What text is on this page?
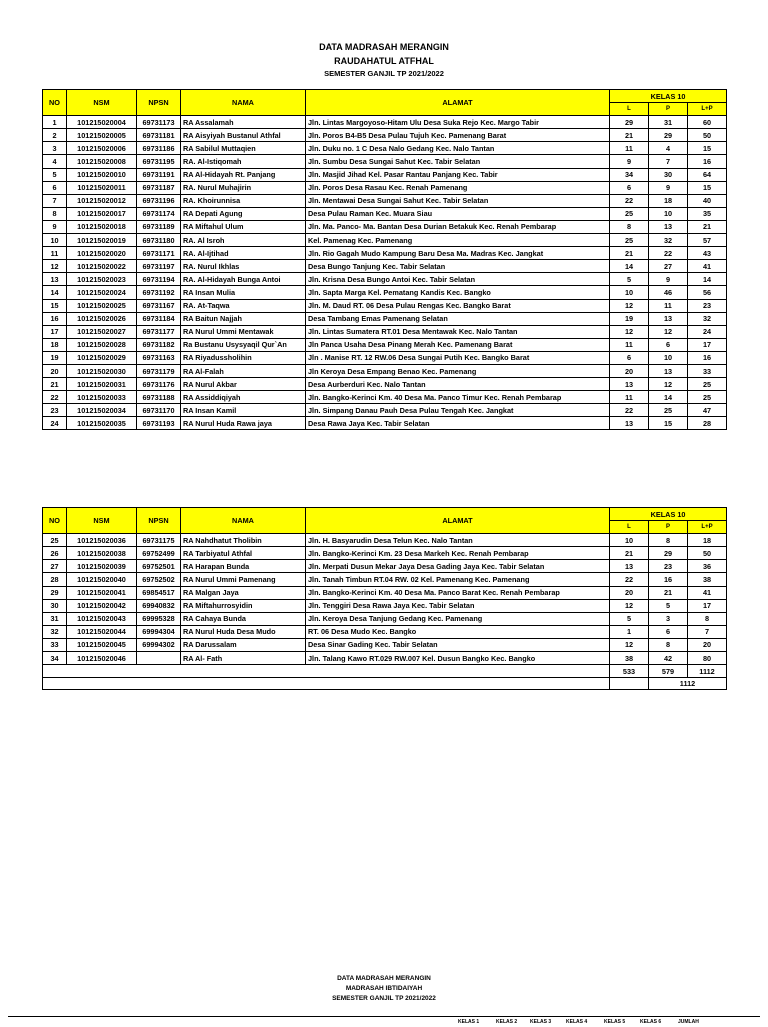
DATA MADRASAH MERANGIN
RAUDAHATUL ATFHAL
SEMESTER GANJIL TP 2021/2022
NO	NSM	NPSN	NAMA	ALAMAT	KELAS 10		
					L	P	L+P
1	101215020004	69731173	RA Assalamah	Jln. Lintas Margoyoso-Hitam Ulu Desa Suka Rejo Kec. Margo Tabir	29	31	60
2	101215020005	69731181	RA Aisyiyah Bustanul Athfal	Jln. Poros B4-B5 Desa Pulau Tujuh Kec. Pamenang Barat	21	29	50
3	101215020006	69731186	RA Sabilul Muttaqien	Jln. Duku no. 1 C Desa Nalo Gedang Kec. Nalo Tantan	11	4	15
4	101215020008	69731195	RA. Al-Istiqomah	Jln. Sumbu Desa Sungai Sahut Kec. Tabir Selatan	9	7	16
5	101215020010	69731191	RA Al-Hidayah Rt. Panjang	Jln. Masjid Jihad Kel. Pasar Rantau Panjang Kec. Tabir	34	30	64
6	101215020011	69731187	RA. Nurul Muhajirin	Jln. Poros Desa Rasau Kec. Renah Pamenang	6	9	15
7	101215020012	69731196	RA. Khoirunnisa	Jln. Mentawai Desa Sungai Sahut Kec. Tabir Selatan	22	18	40
8	101215020017	69731174	RA Depati Agung	Desa Pulau Raman Kec. Muara Siau	25	10	35
9	101215020018	69731189	RA Miftahul Ulum	Jln. Ma. Panco- Ma. Bantan Desa Durian Betakuk Kec. Renah Pembarap	8	13	21
10	101215020019	69731180	RA. Al Isroh	Kel. Pamenag Kec. Pamenang	25	32	57
11	101215020020	69731171	RA. Al-Ijtihad	Jln. Rio Gagah Mudo Kampung Baru Desa Ma. Madras Kec. Jangkat	21	22	43
12	101215020022	69731197	RA. Nurul Ikhlas	Desa Bungo Tanjung Kec. Tabir Selatan	14	27	41
13	101215020023	69731194	RA. Al-Hidayah Bunga Antoi	Jln. Krisna Desa Bungo Antoi Kec. Tabir Selatan	5	9	14
14	101215020024	69731192	RA Insan Mulia	Jln. Sapta Marga Kel. Pematang Kandis Kec. Bangko	10	46	56
15	101215020025	69731167	RA. At-Taqwa	Jln. M. Daud RT. 06 Desa Pulau Rengas Kec. Bangko Barat	12	11	23
16	101215020026	69731184	RA Baitun Najjah	Desa Tambang Emas Pamenang Selatan	19	13	32
17	101215020027	69731177	RA Nurul Ummi Mentawak	Jln. Lintas Sumatera RT.01 Desa Mentawak Kec. Nalo Tantan	12	12	24
18	101215020028	69731182	Ra Bustanu Usysyaqil Qur`An	Jln Panca Usaha Desa Pinang Merah Kec. Pamenang Barat	11	6	17
19	101215020029	69731163	RA Riyadussholihin	Jln . Manise RT. 12 RW.06 Desa Sungai Putih Kec. Bangko Barat	6	10	16
20	101215020030	69731179	RA Al-Falah	Jln Keroya Desa Empang Benao Kec. Pamenang	20	13	33
21	101215020031	69731176	RA Nurul Akbar	Desa Aurberduri Kec. Nalo Tantan	13	12	25
22	101215020033	69731188	RA Assiddiqiyah	Jln. Bangko-Kerinci Km. 40 Desa Ma. Panco Timur Kec. Renah Pembarap	11	14	25
23	101215020034	69731170	RA Insan Kamil	Jln. Simpang Danau Pauh Desa Pulau Tengah Kec. Jangkat	22	25	47
24	101215020035	69731193	RA Nurul Huda Rawa jaya	Desa Rawa Jaya Kec. Tabir Selatan	13	15	28
NO	NSM	NPSN	NAMA	ALAMAT	KELAS 10		
					L	P	L+P
25	101215020036	69731175	RA Nahdhatut Tholibin	Jln. H. Basyarudin Desa Telun Kec. Nalo Tantan	10	8	18
26	101215020038	69752499	RA Tarbiyatul Athfal	Jln. Bangko-Kerinci Km. 23 Desa Markeh Kec. Renah Pembarap	21	29	50
27	101215020039	69752501	RA Harapan Bunda	Jln. Merpati Dusun Mekar Jaya Desa Gading Jaya Kec. Tabir Selatan	13	23	36
28	101215020040	69752502	RA Nurul Ummi Pamenang	Jln. Tanah Timbun RT.04 RW. 02 Kel. Pamenang Kec. Pamenang	22	16	38
29	101215020041	69854517	RA Malgan Jaya	Jln. Bangko-Kerinci Km. 40 Desa Ma. Panco Barat Kec. Renah Pembarap	20	21	41
30	101215020042	69940832	RA Miftahurrosyidin	Jln. Tenggiri Desa Rawa Jaya Kec. Tabir Selatan	12	5	17
31	101215020043	69995328	RA Cahaya Bunda	Jln. Keroya Desa Tanjung Gedang Kec. Pamenang	5	3	8
32	101215020044	69994304	RA Nurul Huda Desa Mudo	RT. 06 Desa Mudo Kec. Bangko	1	6	7
33	101215020045	69994302	RA Darussalam	Desa Sinar Gading Kec. Tabir Selatan	12	8	20
34	101215020046		RA Al- Fath	Jln. Talang Kawo RT.029 RW.007 Kel. Dusun Bangko Kec. Bangko	38	42	80
					533	579	1112
						1112	
DATA MADRASAH MERANGIN
MADRASAH IBTIDAIYAH
SEMESTER GANJIL TP 2021/2022
KELAS 1	KELAS 2	KELAS 3	KELAS 4	KELAS 5	KELAS 6	JUMLAH
